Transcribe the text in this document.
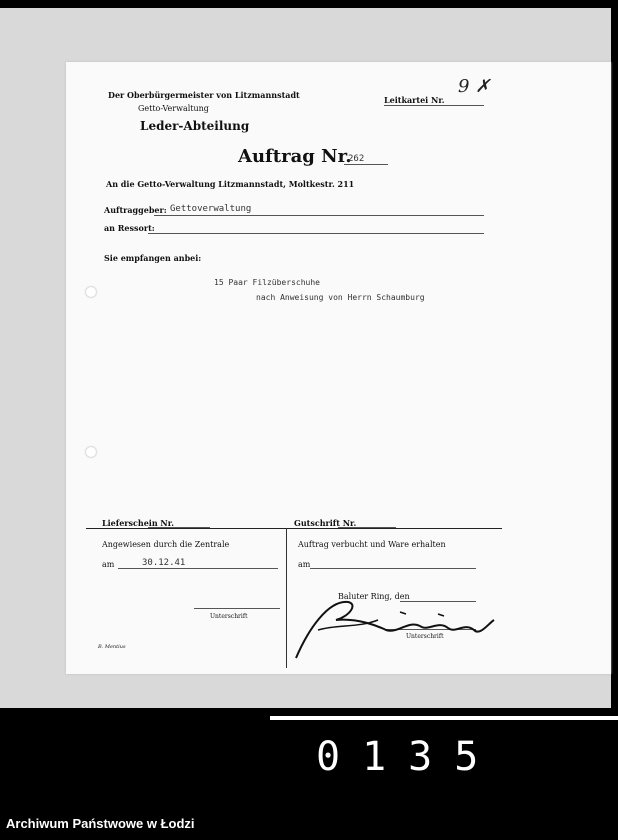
Der Oberbürgermeister von Litzmannstadt
Getto-Verwaltung
Leder-Abteilung
Leitkartei Nr.
9 ✗
Auftrag Nr.
262
An die Getto-Verwaltung Litzmannstadt, Moltkestr. 211
Auftraggeber: Gettoverwaltung
an Ressort:
Sie empfangen anbei:
15 Paar Filzüberschuhe
nach Anweisung von Herrn Schaumburg
Lieferschein Nr.	Gutschrift Nr.
Angewiesen durch die Zentrale
am	30.12.41
Unterschrift
Auftrag verbucht und Ware erhalten
am
Baluter Ring, den
Unterschrift
B. Mentius
0135
Archiwum Państwowe w Łodzi
